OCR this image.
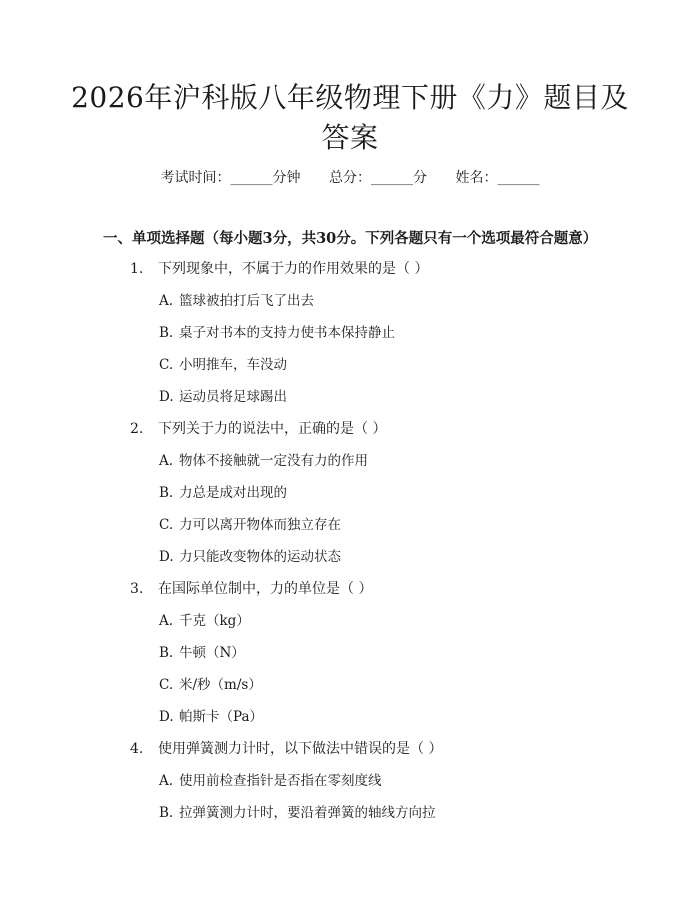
2026年沪科版八年级物理下册《力》题目及答案
考试时间：______分钟 总分：______分 姓名：______
一、单项选择题（每小题3分，共30分。下列各题只有一个选项最符合题意）
1. 下列现象中，不属于力的作用效果的是（ ）
A. 篮球被拍打后飞了出去
B. 桌子对书本的支持力使书本保持静止
C. 小明推车，车没动
D. 运动员将足球踢出
2. 下列关于力的说法中，正确的是（ ）
A. 物体不接触就一定没有力的作用
B. 力总是成对出现的
C. 力可以离开物体而独立存在
D. 力只能改变物体的运动状态
3. 在国际单位制中，力的单位是（ ）
A. 千克（kg）
B. 牛顿（N）
C. 米/秒（m/s）
D. 帕斯卡（Pa）
4. 使用弹簧测力计时，以下做法中错误的是（ ）
A. 使用前检查指针是否指在零刻度线
B. 拉弹簧测力计时，要沿着弹簧的轴线方向拉
